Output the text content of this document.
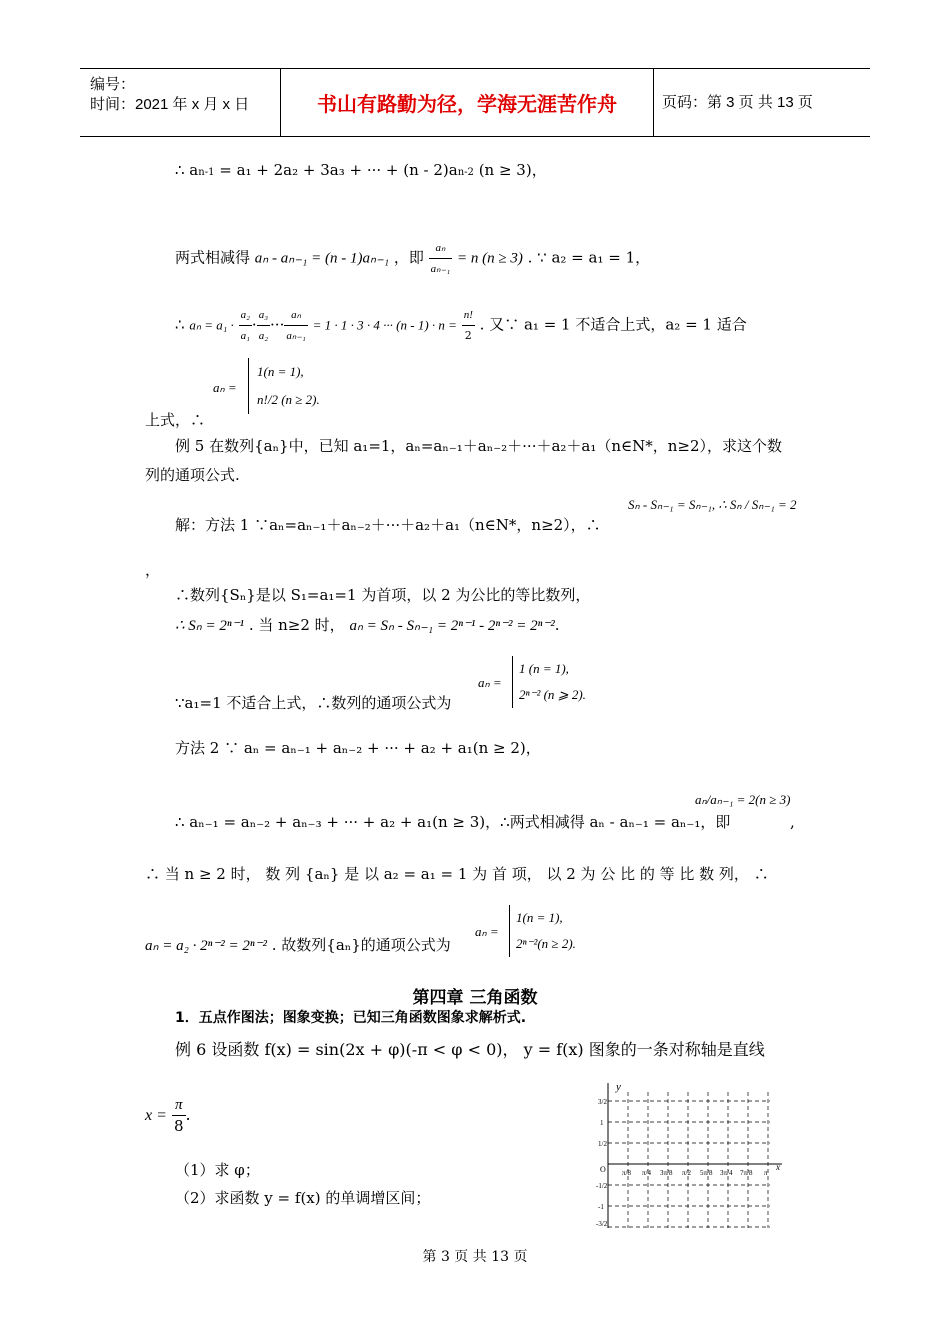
编号：
时间：2021 年 x 月 x 日	书山有路勤为径，学海无涯苦作舟	页码：第 3 页 共 13 页
∴ an-1 = a₁ + 2a₂ + 3a₃ + ··· + (n - 2)an-2 (n ≥ 3)，
两式相减得 aₙ - aₙ₋₁ = (n - 1)aₙ₋₁ ，即 $\frac{\text{aₙ}}{\text{aₙ₋₁}} = n$ (n ≥ 3) . ∵ a₂ = a₁ = 1，
∴ $a_n = a_1 \cdot \frac{\text{a₂}}{\text{a₁}} \cdot \frac{\text{a₃}}{\text{a₂}}$ ··· $\frac{\text{aₙ}}{\text{aₙ₋₁}} = 1 \cdot 1 \cdot 3 \cdot 4$ ··· $(n - 1) \cdot n = \frac{n!}{2}$ . 又∵ a₁ = 1 不适合上式，a₂ = 1 适合
上式，∴
aₙ =
1(n = 1),
n!/2 (n ≥ 2).
例 5 在数列{aₙ}中，已知 a₁=1，aₙ=aₙ₋₁＋aₙ₋₂＋···＋a₂＋a₁（n∈N*，n≥2），求这个数
列的通项公式.
解：方法 1 ∵aₙ=aₙ₋₁＋aₙ₋₂＋···＋a₂＋a₁（n∈N*，n≥2），∴
Sₙ - Sₙ₋₁ = Sₙ₋₁, ∴ Sₙ / Sₙ₋₁ = 2
，
∴数列{Sₙ}是以 S₁=a₁=1 为首项，以 2 为公比的等比数列，
∴ Sₙ = 2ⁿ⁻¹ . 当 n≥2 时， aₙ = Sₙ - Sₙ₋₁ = 2ⁿ⁻¹ - 2ⁿ⁻² = 2ⁿ⁻².
∵a₁=1 不适合上式，∴数列的通项公式为
aₙ =
1 (n = 1),
2ⁿ⁻² (n ⩾ 2).
方法 2 ∵ aₙ = aₙ₋₁ + aₙ₋₂ + ··· + a₂ + a₁(n ≥ 2)，
∴ aₙ₋₁ = aₙ₋₂ + aₙ₋₃ + ··· + a₂ + a₁(n ≥ 3)，∴两式相减得 aₙ - aₙ₋₁ = aₙ₋₁，即
aₙ/aₙ₋₁ = 2(n ≥ 3)
,
∴ 当 n ≥ 2 时， 数 列 {aₙ} 是 以 a₂ = a₁ = 1 为 首 项， 以 2 为 公 比 的 等 比 数 列， ∴
aₙ = a₂ · 2ⁿ⁻² = 2ⁿ⁻² . 故数列{aₙ}的通项公式为
aₙ =
1(n = 1),
2ⁿ⁻²(n ≥ 2).
第四章 三角函数
1．五点作图法；图象变换；已知三角函数图象求解析式.
例 6 设函数 f(x) = sin(2x + φ)(-π < φ < 0)， y = f(x) 图象的一条对称轴是直线
$x = \frac{\pi}{8}$ .
（1）求 φ；
（2）求函数 y = f(x) 的单调增区间；
y
x
O
3/2
1
1/2
-1/2
-1
-3/2
π/8 π/4 3π/8 π/2 5π/8 3π/4 7π/8 π
第 3 页 共 13 页
